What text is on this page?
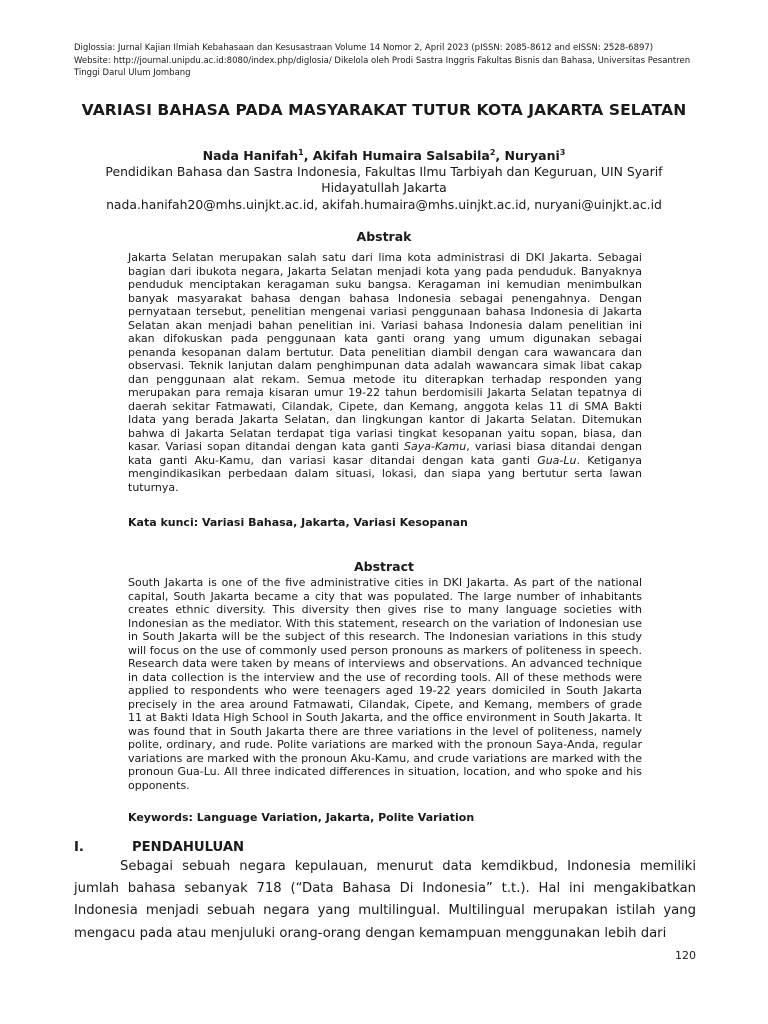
Diglossia: Jurnal Kajian Ilmiah Kebahasaan dan Kesusastraan Volume 14 Nomor 2, April 2023 (pISSN: 2085-8612 and eISSN: 2528-6897)
Website: http://journal.unipdu.ac.id:8080/index.php/diglosia/ Dikelola oleh Prodi Sastra Inggris Fakultas Bisnis dan Bahasa, Universitas Pesantren Tinggi Darul Ulum Jombang
VARIASI BAHASA PADA MASYARAKAT TUTUR KOTA JAKARTA SELATAN
Nada Hanifah$^1$, Akifah Humaira Salsabila$^2$, Nuryani$^3$
Pendidikan Bahasa dan Sastra Indonesia, Fakultas Ilmu Tarbiyah dan Keguruan, UIN Syarif Hidayatullah Jakarta
nada.hanifah20@mhs.uinjkt.ac.id, akifah.humaira@mhs.uinjkt.ac.id, nuryani@uinjkt.ac.id
Abstrak

Jakarta Selatan merupakan salah satu dari lima kota administrasi di DKI Jakarta. Sebagai bagian dari ibukota negara, Jakarta Selatan menjadi kota yang pada penduduk. Banyaknya penduduk menciptakan keragaman suku bangsa. Keragaman ini kemudian menimbulkan banyak masyarakat bahasa dengan bahasa Indonesia sebagai penengahnya. Dengan pernyataan tersebut, penelitian mengenai variasi penggunaan bahasa Indonesia di Jakarta Selatan akan menjadi bahan penelitian ini. Variasi bahasa Indonesia dalam penelitian ini akan difokuskan pada penggunaan kata ganti orang yang umum digunakan sebagai penanda kesopanan dalam bertutur. Data penelitian diambil dengan cara wawancara dan observasi. Teknik lanjutan dalam penghimpunan data adalah wawancara simak libat cakap dan penggunaan alat rekam. Semua metode itu diterapkan terhadap responden yang merupakan para remaja kisaran umur 19-22 tahun berdomisili Jakarta Selatan tepatnya di daerah sekitar Fatmawati, Cilandak, Cipete, dan Kemang, anggota kelas 11 di SMA Bakti Idata yang berada Jakarta Selatan, dan lingkungan kantor di Jakarta Selatan. Ditemukan bahwa di Jakarta Selatan terdapat tiga variasi tingkat kesopanan yaitu sopan, biasa, dan kasar. Variasi sopan ditandai dengan kata ganti Saya-Kamu, variasi biasa ditandai dengan kata ganti Aku-Kamu, dan variasi kasar ditandai dengan kata ganti Gua-Lu. Ketiganya mengindikasikan perbedaan dalam situasi, lokasi, dan siapa yang bertutur serta lawan tuturnya.

Kata kunci: Variasi Bahasa, Jakarta, Variasi Kesopanan
Abstract

South Jakarta is one of the five administrative cities in DKI Jakarta. As part of the national capital, South Jakarta became a city that was populated. The large number of inhabitants creates ethnic diversity. This diversity then gives rise to many language societies with Indonesian as the mediator. With this statement, research on the variation of Indonesian use in South Jakarta will be the subject of this research. The Indonesian variations in this study will focus on the use of commonly used person pronouns as markers of politeness in speech. Research data were taken by means of interviews and observations. An advanced technique in data collection is the interview and the use of recording tools. All of these methods were applied to respondents who were teenagers aged 19-22 years domiciled in South Jakarta precisely in the area around Fatmawati, Cilandak, Cipete, and Kemang, members of grade 11 at Bakti Idata High School in South Jakarta, and the office environment in South Jakarta. It was found that in South Jakarta there are three variations in the level of politeness, namely polite, ordinary, and rude. Polite variations are marked with the pronoun Saya-Anda, regular variations are marked with the pronoun Aku-Kamu, and crude variations are marked with the pronoun Gua-Lu. All three indicated differences in situation, location, and who spoke and his opponents.

Keywords: Language Variation, Jakarta, Polite Variation
I.	PENDAHULUAN

Sebagai sebuah negara kepulauan, menurut data kemdikbud, Indonesia memiliki jumlah bahasa sebanyak 718 (“Data Bahasa Di Indonesia” t.t.). Hal ini mengakibatkan Indonesia menjadi sebuah negara yang multilingual. Multilingual merupakan istilah yang mengacu pada atau menjuluki orang-orang dengan kemampuan menggunakan lebih dari

120
